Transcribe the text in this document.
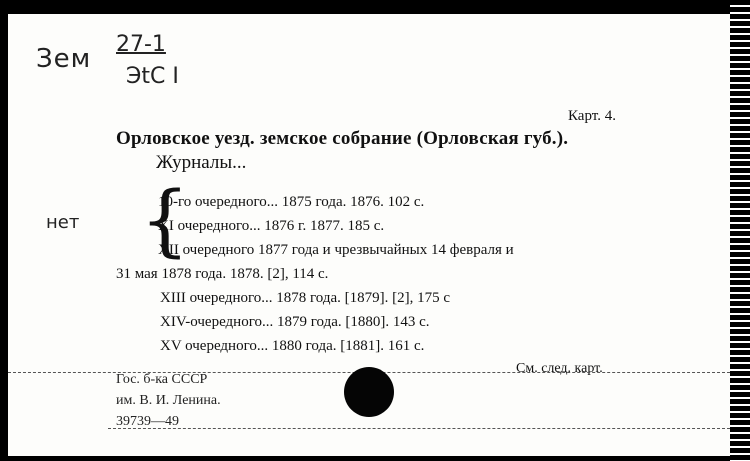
Зем 27-1
ЭtC I
нет
Карт. 4.
Орловское уезд. земское собрание (Орловская губ.).
Журналы...
{
10-го очередного... 1875 года. 1876. 102 с.
XI очередного... 1876 г. 1877. 185 с.
XII очередного 1877 года и чрезвычайных 14 февраля и
31 мая 1878 года. 1878. [2], 114 с.
XIII очередного... 1878 года. [1879]. [2], 175 с
XIV-очередного... 1879 года. [1880]. 143 с.
XV очередного... 1880 года. [1881]. 161 с.
См. след. карт.
Гос. б-ка СССР
им. В. И. Ленина.
39739—49
